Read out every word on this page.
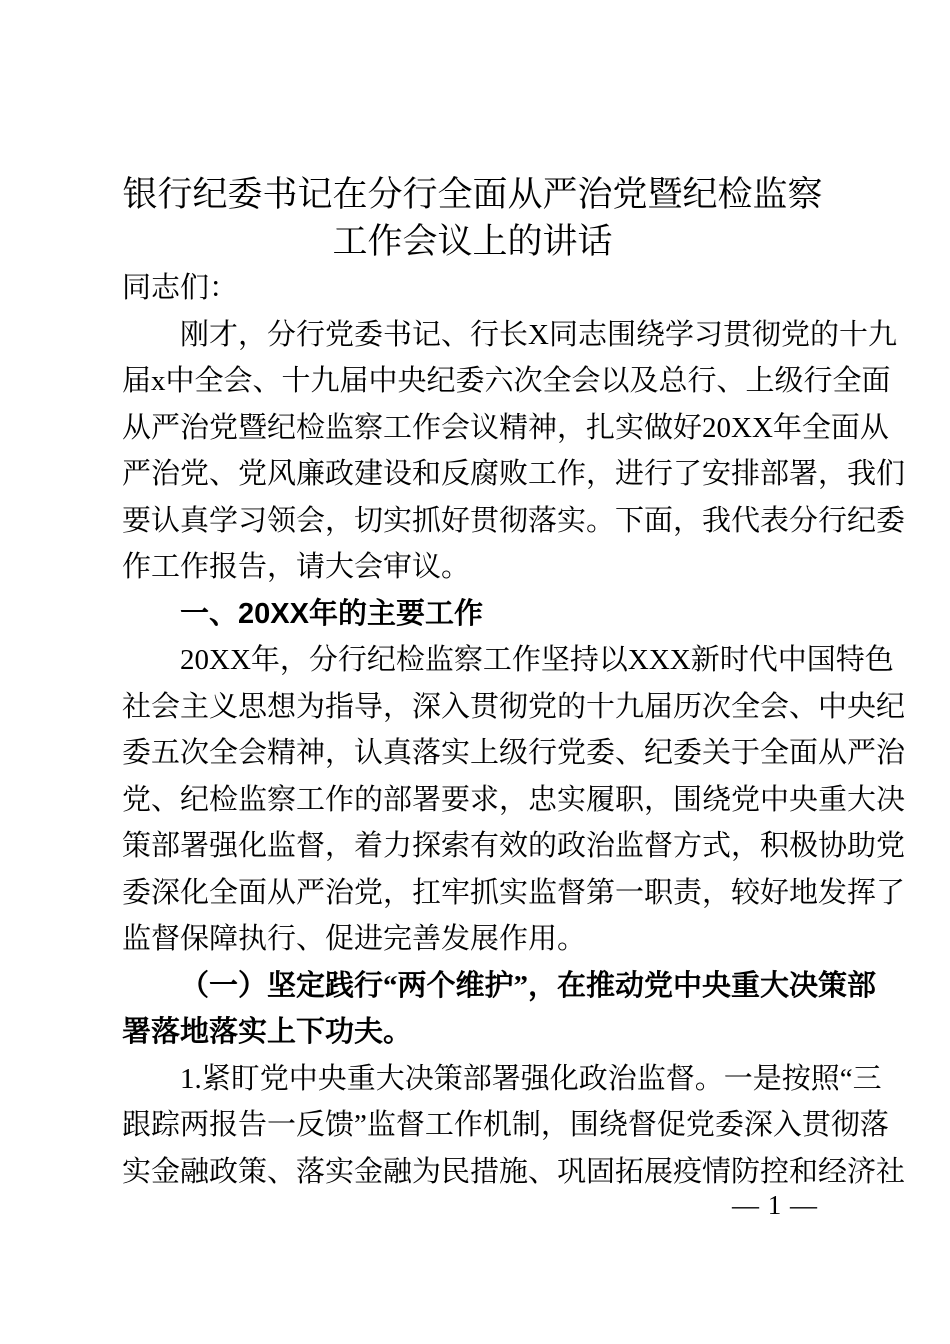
银行纪委书记在分行全面从严治党暨纪检监察
工作会议上的讲话
同志们：
刚才，分行党委书记、行长X同志围绕学习贯彻党的十九
届x中全会、十九届中央纪委六次全会以及总行、上级行全面
从严治党暨纪检监察工作会议精神，扎实做好20XX年全面从
严治党、党风廉政建设和反腐败工作，进行了安排部署，我们
要认真学习领会，切实抓好贯彻落实。下面，我代表分行纪委
作工作报告，请大会审议。
一、20XX年的主要工作
20XX年，分行纪检监察工作坚持以XXX新时代中国特色
社会主义思想为指导，深入贯彻党的十九届历次全会、中央纪
委五次全会精神，认真落实上级行党委、纪委关于全面从严治
党、纪检监察工作的部署要求，忠实履职，围绕党中央重大决
策部署强化监督，着力探索有效的政治监督方式，积极协助党
委深化全面从严治党，扛牢抓实监督第一职责，较好地发挥了
监督保障执行、促进完善发展作用。
（一）坚定践行“两个维护”，在推动党中央重大决策部
署落地落实上下功夫。
1.紧盯党中央重大决策部署强化政治监督。一是按照“三
跟踪两报告一反馈”监督工作机制，围绕督促党委深入贯彻落
实金融政策、落实金融为民措施、巩固拓展疫情防控和经济社
— 1 —
